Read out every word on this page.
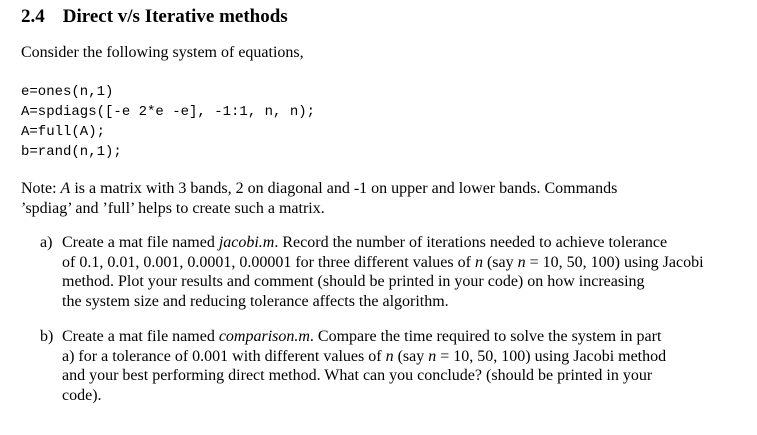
2.4 Direct v/s Iterative methods
Consider the following system of equations,
e=ones(n,1)
A=spdiags([-e 2*e -e], -1:1, n, n);
A=full(A);
b=rand(n,1);
Note: A is a matrix with 3 bands, 2 on diagonal and -1 on upper and lower bands. Commands
’spdiag’ and ’full’ helps to create such a matrix.
a) Create a mat file named jacobi.m. Record the number of iterations needed to achieve tolerance
of 0.1, 0.01, 0.001, 0.0001, 0.00001 for three different values of n (say n = 10, 50, 100) using Jacobi
method. Plot your results and comment (should be printed in your code) on how increasing
the system size and reducing tolerance affects the algorithm.
b) Create a mat file named comparison.m. Compare the time required to solve the system in part
a) for a tolerance of 0.001 with different values of n (say n = 10, 50, 100) using Jacobi method
and your best performing direct method. What can you conclude? (should be printed in your
code).
